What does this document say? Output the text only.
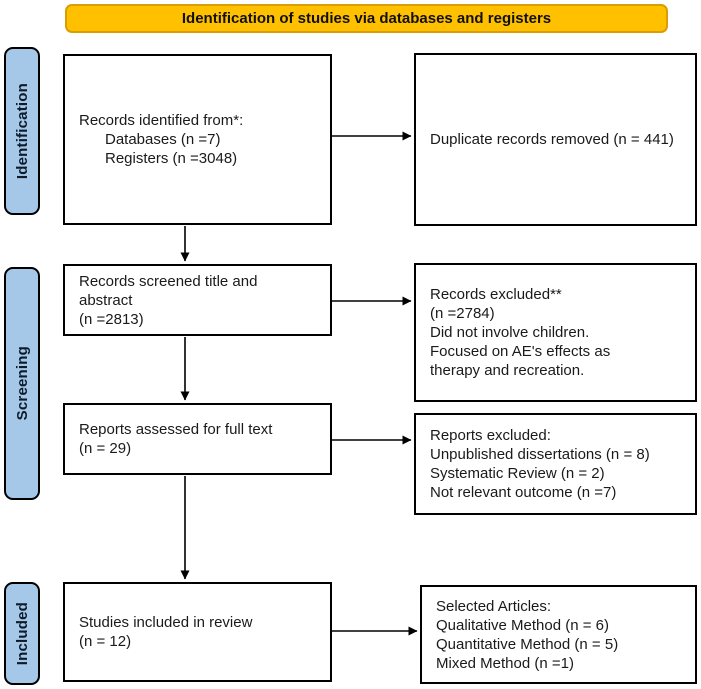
Identification of studies via databases and registers
Identification
Screening
Included
Records identified from*:
Databases (n =7)
Registers (n =3048)
Duplicate records removed (n = 441)
Records screened title and
abstract
(n =2813)
Records excluded**
(n =2784)
Did not involve children.
Focused on AE's effects as
therapy and recreation.
Reports assessed for full text
(n = 29)
Reports excluded:
Unpublished dissertations (n = 8)
Systematic Review (n = 2)
Not relevant outcome (n =7)
Studies included in review
(n = 12)
Selected Articles:
Qualitative Method (n = 6)
Quantitative Method (n = 5)
Mixed Method (n =1)
